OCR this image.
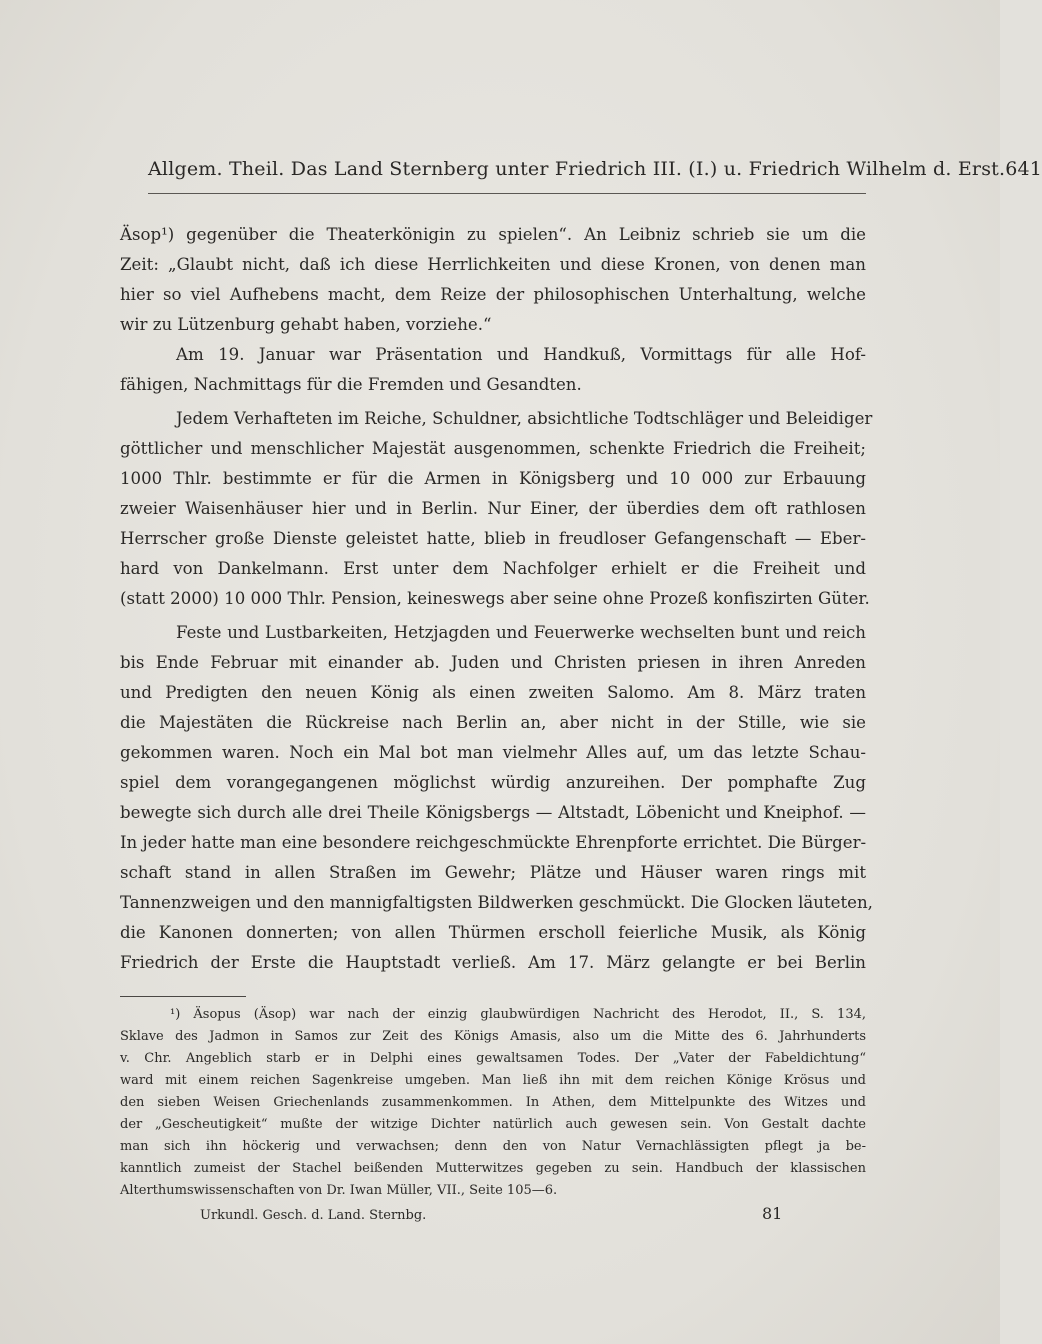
Allgem. Theil. Das Land Sternberg unter Friedrich III. (I.) u. Friedrich Wilhelm d. Erst. 641
Äsop¹) gegenüber die Theaterkönigin zu spielen“. An Leibniz schrieb sie um die
Zeit: „Glaubt nicht, daß ich diese Herrlichkeiten und diese Kronen, von denen man
hier so viel Aufhebens macht, dem Reize der philosophischen Unterhaltung, welche
wir zu Lützenburg gehabt haben, vorziehe.“
Am 19. Januar war Präsentation und Handkuß, Vormittags für alle Hof-
fähigen, Nachmittags für die Fremden und Gesandten.
Jedem Verhafteten im Reiche, Schuldner, absichtliche Todtschläger und Beleidiger
göttlicher und menschlicher Majestät ausgenommen, schenkte Friedrich die Freiheit;
1000 Thlr. bestimmte er für die Armen in Königsberg und 10 000 zur Erbauung
zweier Waisenhäuser hier und in Berlin. Nur Einer, der überdies dem oft rathlosen
Herrscher große Dienste geleistet hatte, blieb in freudloser Gefangenschaft — Eber-
hard von Dankelmann. Erst unter dem Nachfolger erhielt er die Freiheit und
(statt 2000) 10 000 Thlr. Pension, keineswegs aber seine ohne Prozeß konfiszirten Güter.
Feste und Lustbarkeiten, Hetzjagden und Feuerwerke wechselten bunt und reich
bis Ende Februar mit einander ab. Juden und Christen priesen in ihren Anreden
und Predigten den neuen König als einen zweiten Salomo. Am 8. März traten
die Majestäten die Rückreise nach Berlin an, aber nicht in der Stille, wie sie
gekommen waren. Noch ein Mal bot man vielmehr Alles auf, um das letzte Schau-
spiel dem vorangegangenen möglichst würdig anzureihen. Der pomphafte Zug
bewegte sich durch alle drei Theile Königsbergs — Altstadt, Löbenicht und Kneiphof. —
In jeder hatte man eine besondere reichgeschmückte Ehrenpforte errichtet. Die Bürger-
schaft stand in allen Straßen im Gewehr; Plätze und Häuser waren rings mit
Tannenzweigen und den mannigfaltigsten Bildwerken geschmückt. Die Glocken läuteten,
die Kanonen donnerten; von allen Thürmen erscholl feierliche Musik, als König
Friedrich der Erste die Hauptstadt verließ. Am 17. März gelangte er bei Berlin
¹) Äsopus (Äsop) war nach der einzig glaubwürdigen Nachricht des Herodot, II., S. 134,
Sklave des Jadmon in Samos zur Zeit des Königs Amasis, also um die Mitte des 6. Jahrhunderts
v. Chr. Angeblich starb er in Delphi eines gewaltsamen Todes. Der „Vater der Fabeldichtung“
ward mit einem reichen Sagenkreise umgeben. Man ließ ihn mit dem reichen Könige Krösus und
den sieben Weisen Griechenlands zusammenkommen. In Athen, dem Mittelpunkte des Witzes und
der „Gescheutigkeit“ mußte der witzige Dichter natürlich auch gewesen sein. Von Gestalt dachte
man sich ihn höckerig und verwachsen; denn den von Natur Vernachlässigten pflegt ja be-
kanntlich zumeist der Stachel beißenden Mutterwitzes gegeben zu sein. Handbuch der klassischen
Alterthumswissenschaften von Dr. Iwan Müller, VII., Seite 105—6.
Urkundl. Gesch. d. Land. Sternbg.	81
